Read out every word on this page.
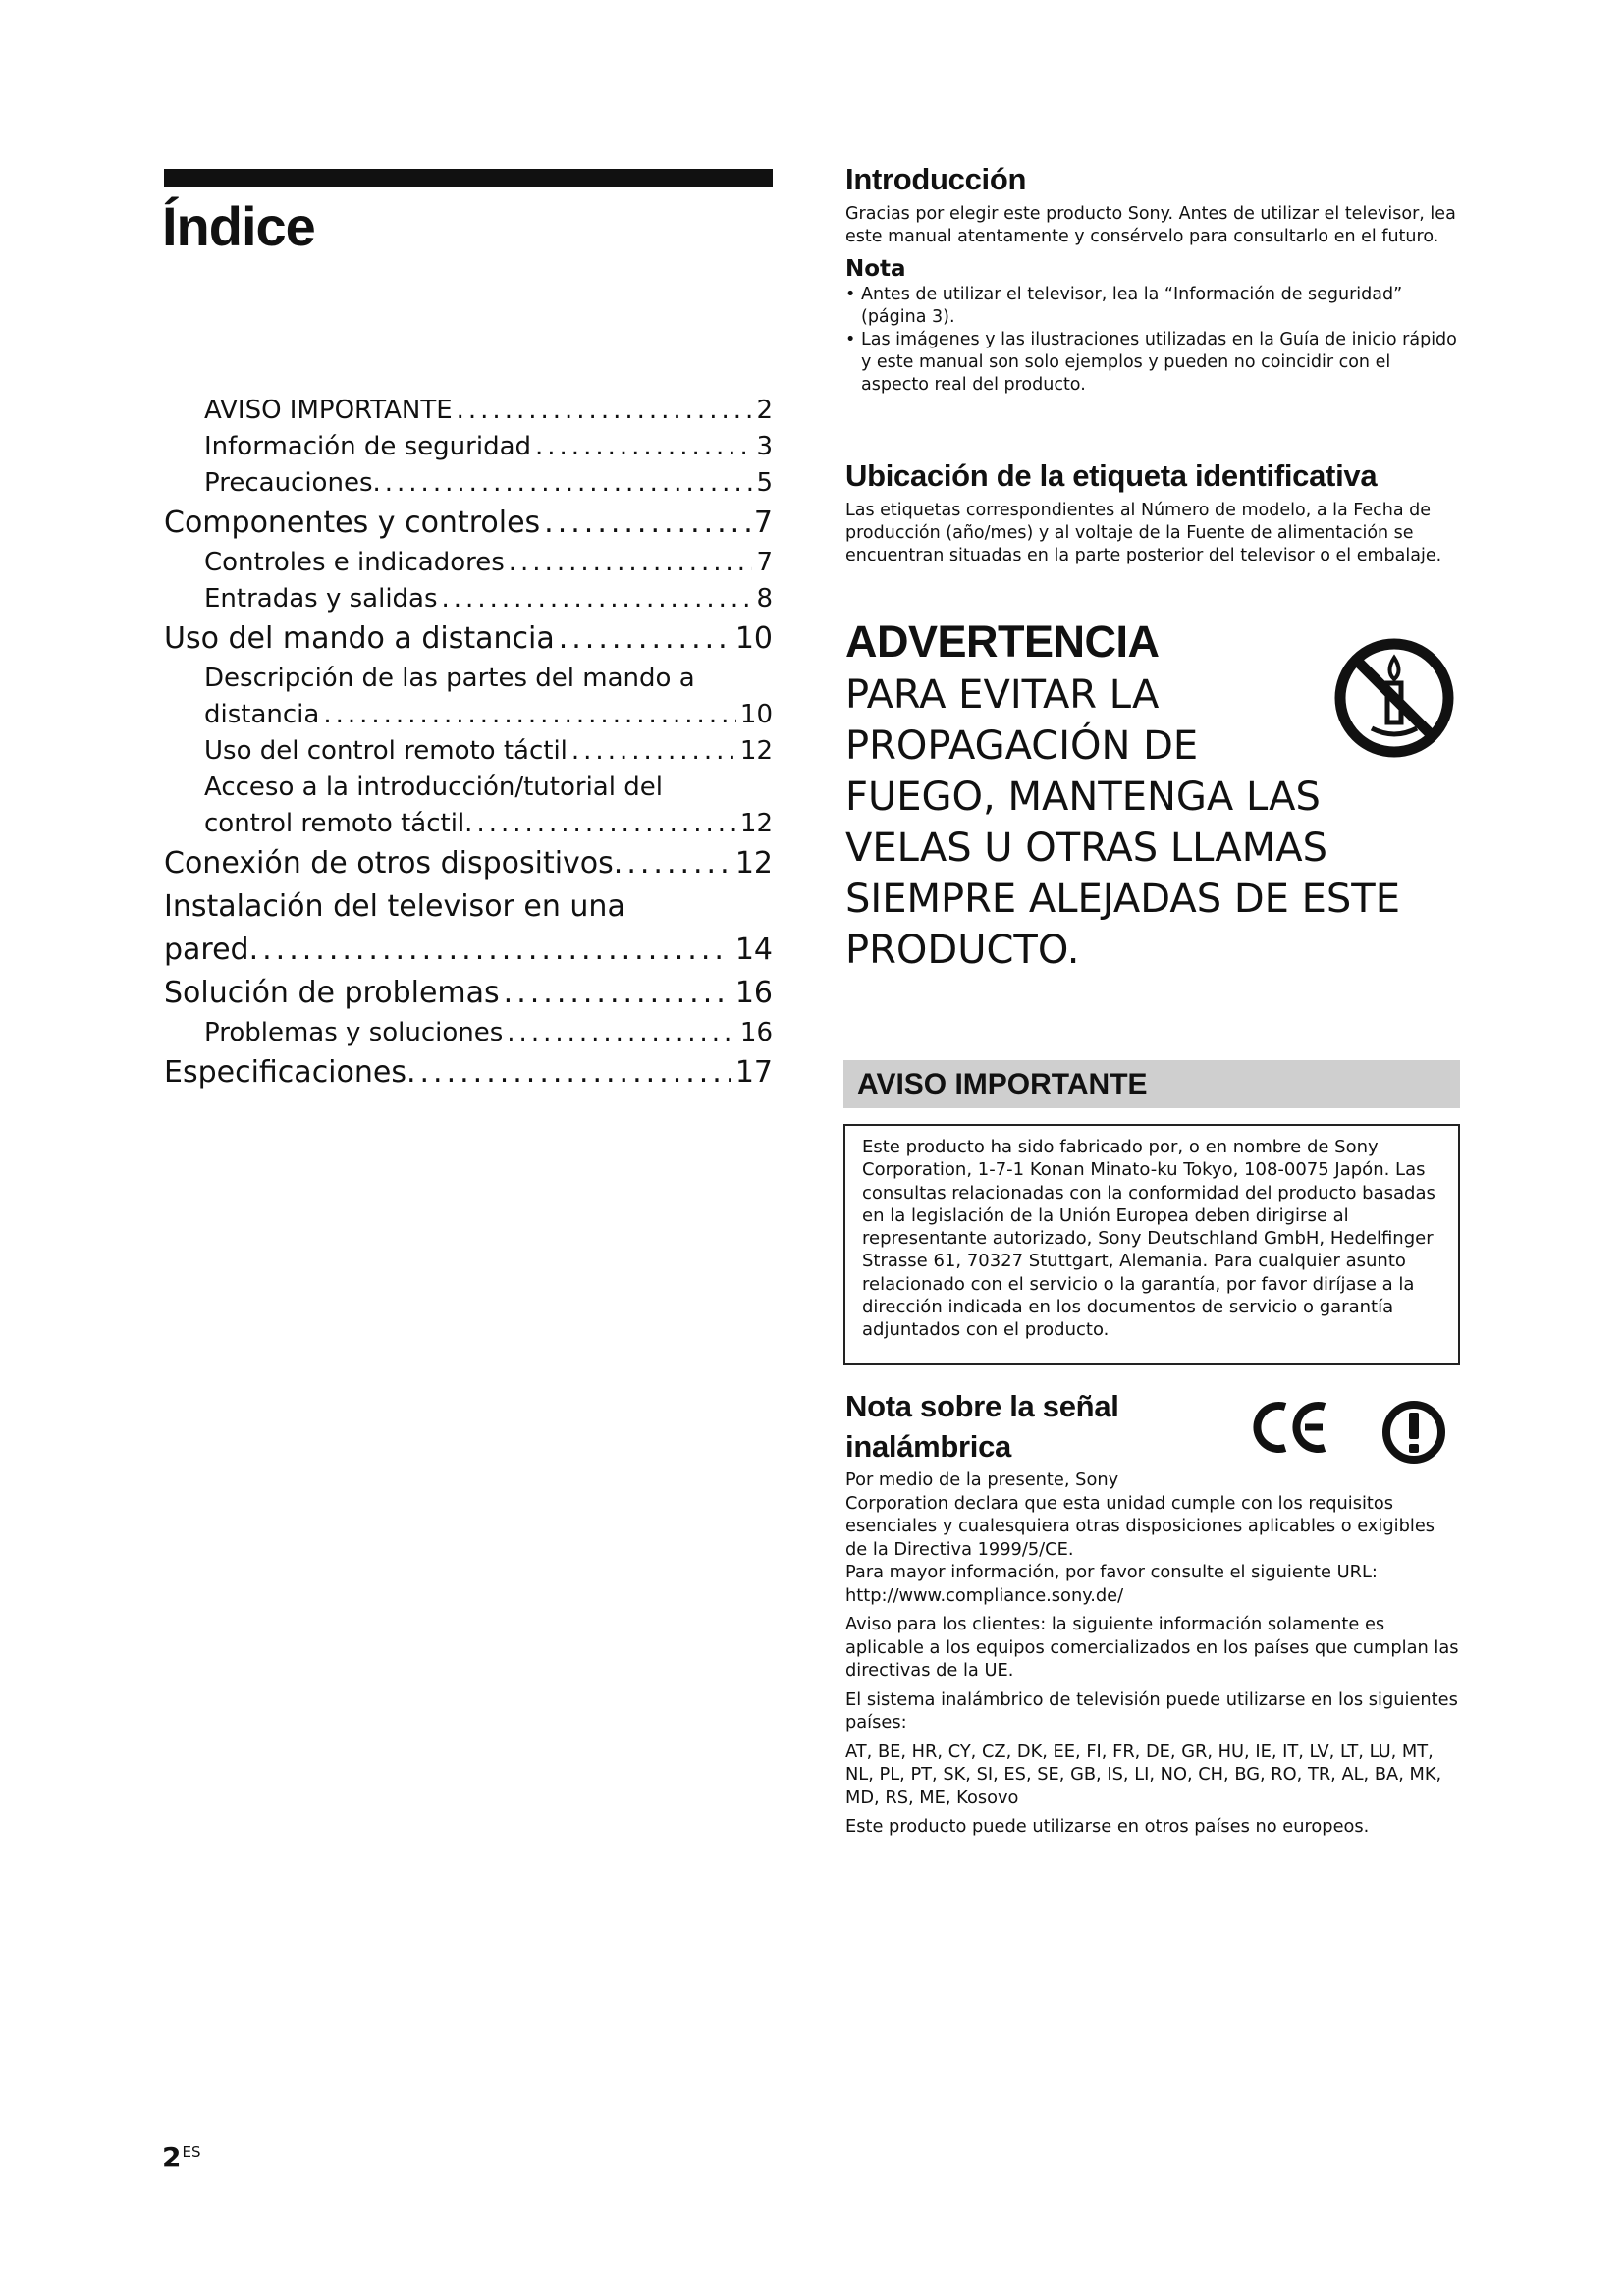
Índice
AVISO IMPORTANTE .....	2
Información de seguridad .....	3
Precauciones. .....	5
Componentes y controles .....	7
Controles e indicadores .....	7
Entradas y salidas .....	8
Uso del mando a distancia .....	10
Descripción de las partes del mando a
distancia .....	10
Uso del control remoto táctil .....	12
Acceso a la introducción/tutorial del
control remoto táctil. .....	12
Conexión de otros dispositivos. .....	12
Instalación del televisor en una
pared. .....	14
Solución de problemas .....	16
Problemas y soluciones .....	16
Especificaciones. .....	17
$2^{ES}$
Introducción

Gracias por elegir este producto Sony. Antes de utilizar el televisor, lea este manual atentamente y consérvelo para consultarlo en el futuro.

Nota
• Antes de utilizar el televisor, lea la “Información de seguridad” (página 3).
• Las imágenes y las ilustraciones utilizadas en la Guía de inicio rápido y este manual son solo ejemplos y pueden no coincidir con el aspecto real del producto.
Ubicación de la etiqueta identificativa

Las etiquetas correspondientes al Número de modelo, a la Fecha de producción (año/mes) y al voltaje de la Fuente de alimentación se encuentran situadas en la parte posterior del televisor o el embalaje.

ADVERTENCIA

PARA EVITAR LA
PROPAGACIÓN DE
FUEGO, MANTENGA LAS
VELAS U OTRAS LLAMAS
SIEMPRE ALEJADAS DE ESTE
PRODUCTO.

AVISO IMPORTANTE
Este producto ha sido fabricado por, o en nombre de Sony Corporation, 1-7-1 Konan Minato-ku Tokyo, 108-0075 Japón. Las consultas relacionadas con la conformidad del producto basadas en la legislación de la Unión Europea deben dirigirse al representante autorizado, Sony Deutschland GmbH, Hedelfinger Strasse 61, 70327 Stuttgart, Alemania. Para cualquier asunto relacionado con el servicio o la garantía, por favor diríjase a la dirección indicada en los documentos de servicio o garantía adjuntados con el producto.
Nota sobre la señal
inalámbrica

Por medio de la presente, Sony
Corporation declara que esta unidad cumple con los requisitos esenciales y cualesquiera otras disposiciones aplicables o exigibles de la Directiva 1999/5/CE.
Para mayor información, por favor consulte el siguiente URL:
http://www.compliance.sony.de/

Aviso para los clientes: la siguiente información solamente es aplicable a los equipos comercializados en los países que cumplan las directivas de la UE.

El sistema inalámbrico de televisión puede utilizarse en los siguientes países:

AT, BE, HR, CY, CZ, DK, EE, FI, FR, DE, GR, HU, IE, IT, LV, LT, LU, MT, NL, PL, PT, SK, SI, ES, SE, GB, IS, LI, NO, CH, BG, RO, TR, AL, BA, MK, MD, RS, ME, Kosovo

Este producto puede utilizarse en otros países no europeos.
